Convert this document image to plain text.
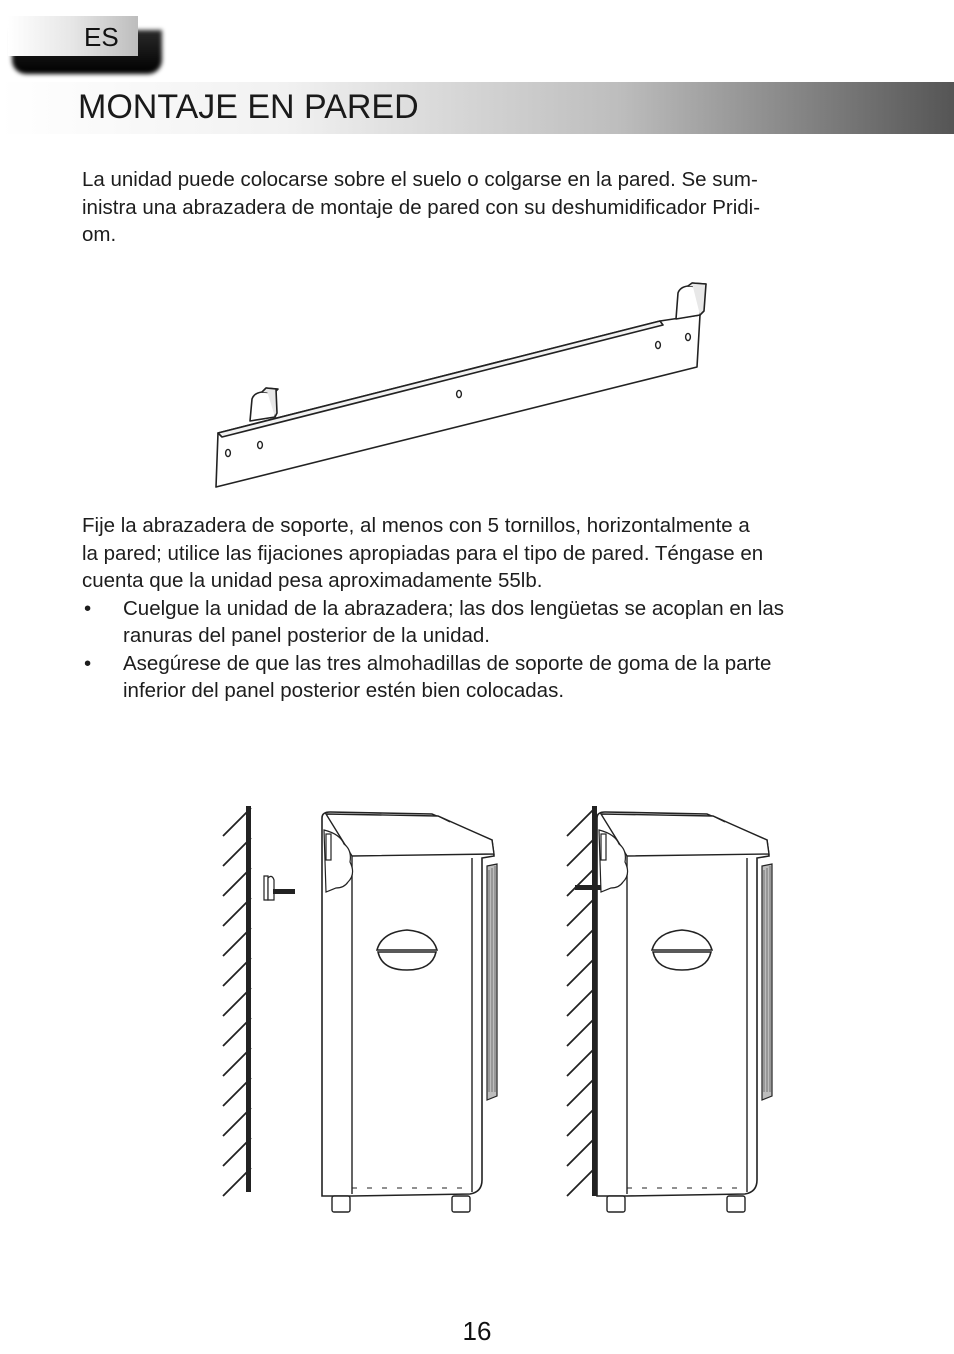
ES
MONTAJE EN PARED

La unidad puede colocarse sobre el suelo o colgarse en la pared. Se sum-

inistra una abrazadera de montaje de pared con su deshumidificador Pridi-

om.

Fije la abrazadera de soporte, al menos con 5 tornillos, horizontalmente a

la pared; utilice las fijaciones apropiadas para el tipo de pared. Téngase en

cuenta que la unidad pesa aproximadamente 55lb.

• Cuelgue la unidad de la abrazadera; las dos lengüetas se acoplan en las
ranuras del panel posterior de la unidad.
• Asegúrese de que las tres almohadillas de soporte de goma de la parte
inferior del panel posterior estén bien colocadas.
16
